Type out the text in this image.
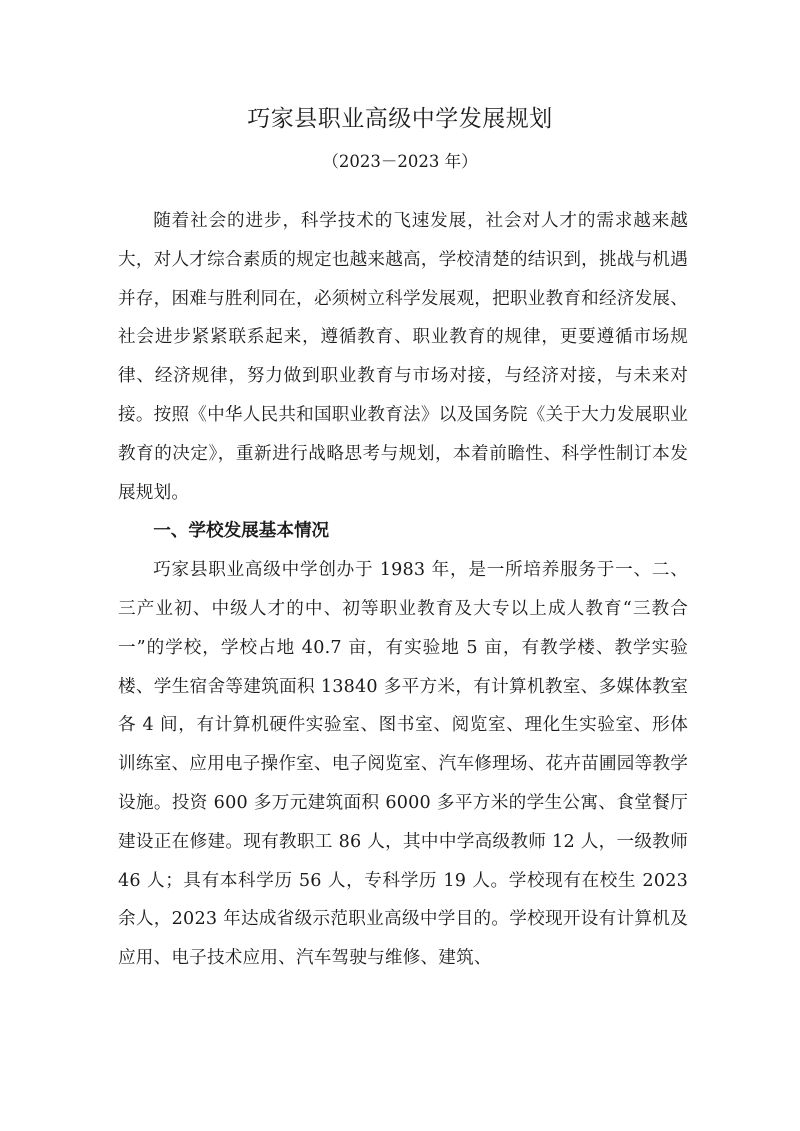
巧家县职业高级中学发展规划
（2023－2023 年）

随着社会的进步，科学技术的飞速发展，社会对人才的需求越来越大，对人才综合素质的规定也越来越高，学校清楚的结识到，挑战与机遇并存，困难与胜利同在，必须树立科学发展观，把职业教育和经济发展、社会进步紧紧联系起来，遵循教育、职业教育的规律，更要遵循市场规律、经济规律，努力做到职业教育与市场对接，与经济对接，与未来对接。按照《中华人民共和国职业教育法》以及国务院《关于大力发展职业教育的决定》，重新进行战略思考与规划，本着前瞻性、科学性制订本发展规划。

一、学校发展基本情况

巧家县职业高级中学创办于 1983 年，是一所培养服务于一、二、三产业初、中级人才的中、初等职业教育及大专以上成人教育“三教合一”的学校，学校占地 40.7 亩，有实验地 5 亩，有教学楼、教学实验楼、学生宿舍等建筑面积 13840 多平方米，有计算机教室、多媒体教室各 4 间，有计算机硬件实验室、图书室、阅览室、理化生实验室、形体训练室、应用电子操作室、电子阅览室、汽车修理场、花卉苗圃园等教学设施。投资 600 多万元建筑面积 6000 多平方米的学生公寓、食堂餐厅建设正在修建。现有教职工 86 人，其中中学高级教师 12 人，一级教师 46 人；具有本科学历 56 人，专科学历 19 人。学校现有在校生 2023 余人，2023 年达成省级示范职业高级中学目的。学校现开设有计算机及应用、电子技术应用、汽车驾驶与维修、建筑、
